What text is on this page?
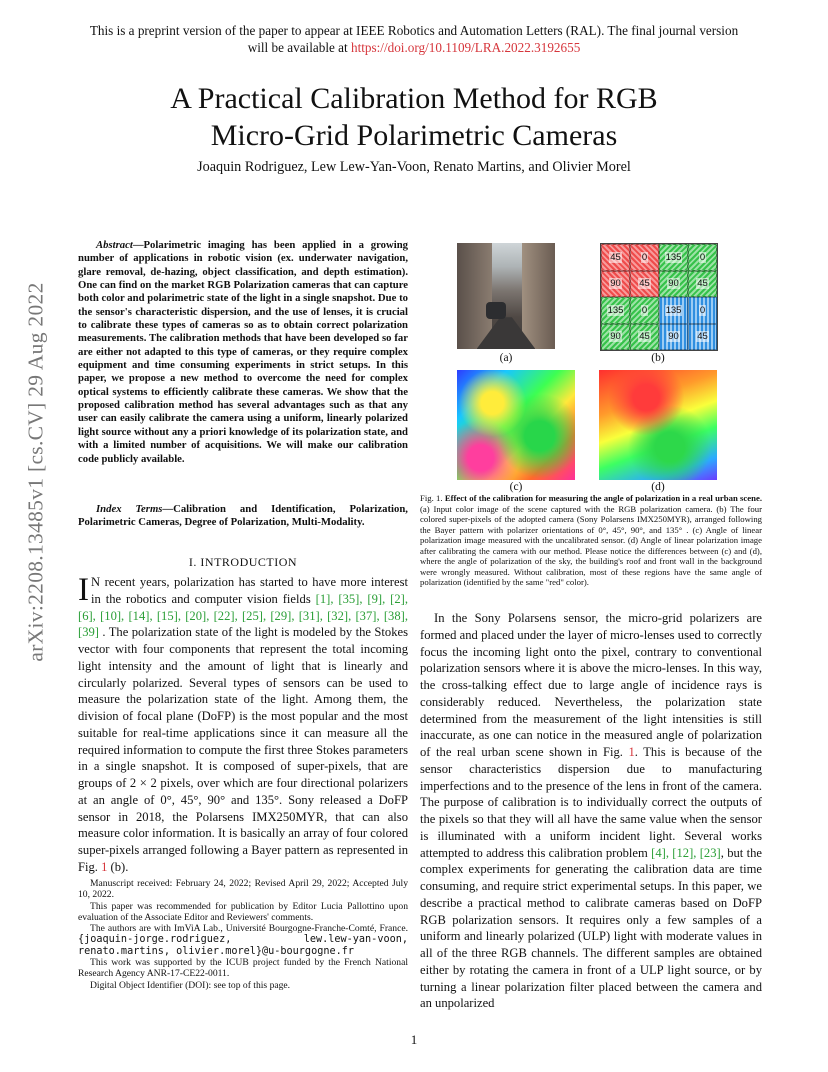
This is a preprint version of the paper to appear at IEEE Robotics and Automation Letters (RAL). The final journal version
will be available at https://doi.org/10.1109/LRA.2022.3192655
arXiv:2208.13485v1 [cs.CV] 29 Aug 2022
A Practical Calibration Method for RGB
Micro-Grid Polarimetric Cameras
Joaquin Rodriguez, Lew Lew-Yan-Voon, Renato Martins, and Olivier Morel
Abstract—Polarimetric imaging has been applied in a growing number of applications in robotic vision (ex. underwater navigation, glare removal, de-hazing, object classification, and depth estimation). One can find on the market RGB Polarization cameras that can capture both color and polarimetric state of the light in a single snapshot. Due to the sensor's characteristic dispersion, and the use of lenses, it is crucial to calibrate these types of cameras so as to obtain correct polarization measurements. The calibration methods that have been developed so far are either not adapted to this type of cameras, or they require complex equipment and time consuming experiments in strict setups. In this paper, we propose a new method to overcome the need for complex optical systems to efficiently calibrate these cameras. We show that the proposed calibration method has several advantages such as that any user can easily calibrate the camera using a uniform, linearly polarized light source without any a priori knowledge of its polarization state, and with a limited number of acquisitions. We will make our calibration code publicly available.
Index Terms—Calibration and Identification, Polarization, Polarimetric Cameras, Degree of Polarization, Multi-Modality.
I. INTRODUCTION
I N recent years, polarization has started to have more interest in the robotics and computer vision fields [1], [35], [9], [2], [6], [10], [14], [15], [20], [22], [25], [29], [31], [32], [37], [38], [39] . The polarization state of the light is modeled by the Stokes vector with four components that represent the total incoming light intensity and the amount of light that is linearly and circularly polarized. Several types of sensors can be used to measure the polarization state of the light. Among them, the division of focal plane (DoFP) is the most popular and the most suitable for real-time applications since it can measure all the required information to compute the first three Stokes parameters in a single snapshot. It is composed of super-pixels, that are groups of 2 × 2 pixels, over which are four directional polarizers at an angle of 0°, 45°, 90° and 135°. Sony released a DoFP sensor in 2018, the Polarsens IMX250MYR, that can also measure color information. It is basically an array of four colored super-pixels arranged following a Bayer pattern as represented in Fig. 1 (b).

Manuscript received: February 24, 2022; Revised April 29, 2022; Accepted July 10, 2022.

This paper was recommended for publication by Editor Lucia Pallottino upon evaluation of the Associate Editor and Reviewers' comments.

The authors are with ImViA Lab., Université Bourgogne-Franche-Comté, France. {joaquin-jorge.rodriguez, lew.lew-yan-voon, renato.martins, olivier.morel}@u-bourgogne.fr

This work was supported by the ICUB project funded by the French National Research Agency ANR-17-CE22-0011.

Digital Object Identifier (DOI): see top of this page.

(a)
45 0 135 0
90 45 90 45
135 0 135 0
90 45 90 45
(b)
(c)	(d)
Fig. 1. Effect of the calibration for measuring the angle of polarization in a real urban scene. (a) Input color image of the scene captured with the RGB polarization camera. (b) The four colored super-pixels of the adopted camera (Sony Polarsens IMX250MYR), arranged following the Bayer pattern with polarizer orientations of 0°, 45°, 90°, and 135° . (c) Angle of linear polarization image measured with the uncalibrated sensor. (d) Angle of linear polarization image after calibrating the camera with our method. Please notice the differences between (c) and (d), where the angle of polarization of the sky, the building's roof and front wall in the background were wrongly measured. Without calibration, most of these regions have the same angle of polarization (identified by the same "red" color).

In the Sony Polarsens sensor, the micro-grid polarizers are formed and placed under the layer of micro-lenses used to correctly focus the incoming light onto the pixel, contrary to conventional polarization sensors where it is above the micro-lenses. In this way, the cross-talking effect due to large angle of incidence rays is considerably reduced. Nevertheless, the polarization state determined from the measurement of the light intensities is still inaccurate, as one can notice in the measured angle of polarization of the real urban scene shown in Fig. 1. This is because of the sensor characteristics dispersion due to manufacturing imperfections and to the presence of the lens in front of the camera. The purpose of calibration is to individually correct the outputs of the pixels so that they will all have the same value when the sensor is illuminated with a uniform incident light. Several works attempted to address this calibration problem [4], [12], [23], but the complex experiments for generating the calibration data are time consuming, and require strict experimental setups. In this paper, we describe a practical method to calibrate cameras based on DoFP RGB polarization sensors. It requires only a few samples of a uniform and linearly polarized (ULP) light with moderate values in all of the three RGB channels. The different samples are obtained either by rotating the camera in front of a ULP light source, or by turning a linear polarization filter placed between the camera and an unpolarized

1
